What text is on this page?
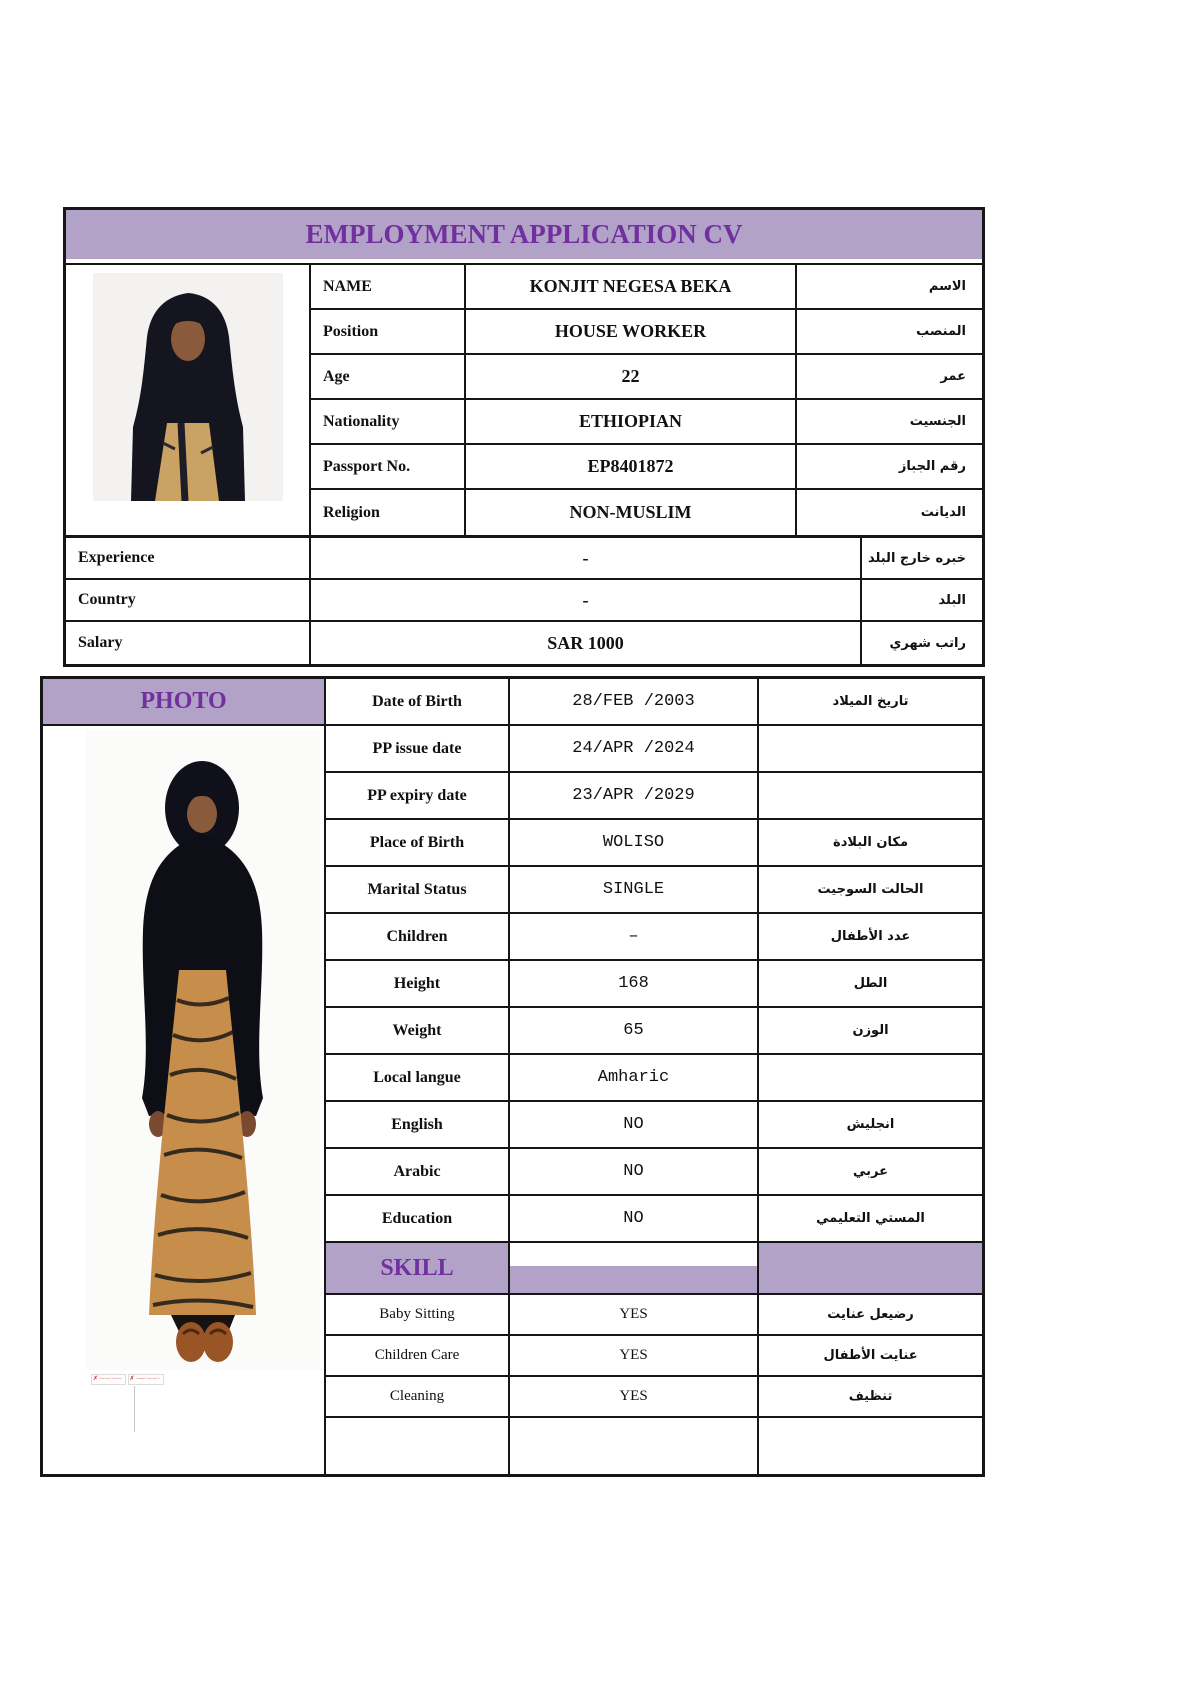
EMPLOYMENT APPLICATION CV
NAME	KONJIT NEGESA BEKA	الاسم
Position	HOUSE WORKER	المنصب
Age	22	عمر
Nationality	ETHIOPIAN	الجنسيت
Passport No.	EP8401872	رقم الجباز
Religion	NON-MUSLIM	الديانت
Experience	-	خبره خارج البلد
Country	-	البلد
Salary	SAR 1000	راتب شهري
PHOTO
✗ ·–·–··–·–	✗ ·––··–·–··
Date of Birth	28/FEB /2003	تاريخ الميلاد
PP issue date	24/APR /2024
PP expiry date	23/APR /2029
Place of Birth	WOLISO	مكان البلادة
Marital Status	SINGLE	الحالت السوجيت
Children	–	عدد الأطفال
Height	168	الطل
Weight	65	الوزن
Local langue	Amharic
English	NO	انجليش
Arabic	NO	عربي
Education	NO	المستي التعليمي
SKILL
Baby Sitting	YES	رضيعل عنايت
Children Care	YES	عنايت الأطفال
Cleaning	YES	تنظيف
